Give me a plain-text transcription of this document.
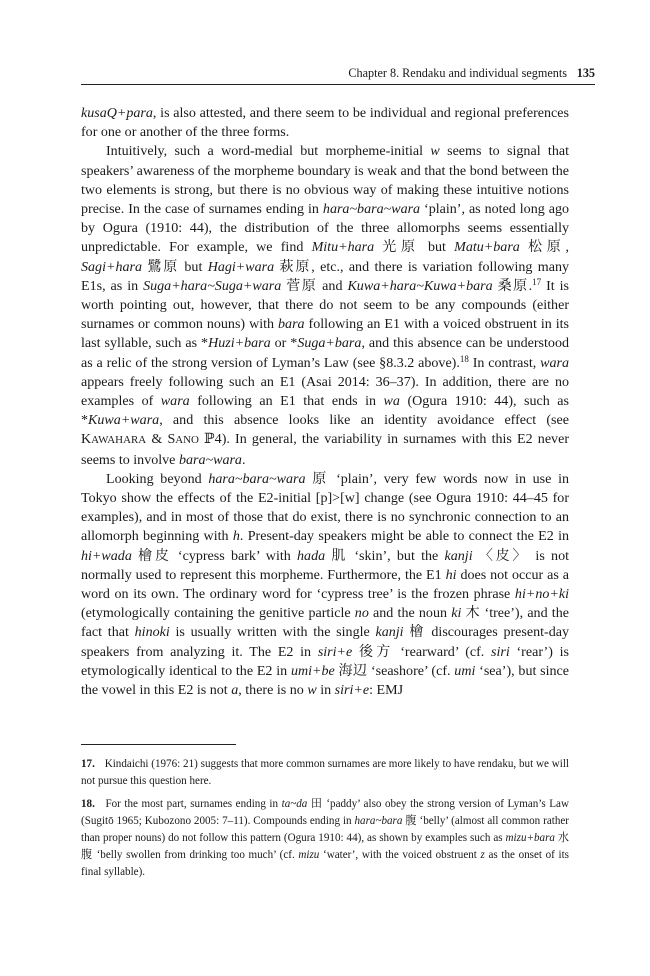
Chapter 8. Rendaku and individual segments 135

kusaQ+para, is also attested, and there seem to be individual and regional preferences for one or another of the three forms.

Intuitively, such a word-medial but morpheme-initial w seems to signal that speakers’ awareness of the morpheme boundary is weak and that the bond between the two elements is strong, but there is no obvious way of making these intuitive notions precise. In the case of surnames ending in hara~bara~wara ‘plain’, as noted long ago by Ogura (1910: 44), the distribution of the three allomorphs seems essentially unpredictable. For example, we find Mitu+hara 光原 but Matu+bara 松原, Sagi+hara 鷺原 but Hagi+wara 萩原, etc., and there is variation following many E1s, as in Suga+hara~Suga+wara 菅原 and Kuwa+hara~Kuwa+bara 桑原.$^{17}$ It is worth pointing out, however, that there do not seem to be any compounds (either surnames or common nouns) with bara following an E1 with a voiced obstruent in its last syllable, such as *Huzi+bara or *Suga+bara, and this absence can be understood as a relic of the strong version of Lyman’s Law (see §8.3.2 above).$^{18}$ In contrast, wara appears freely following such an E1 (Asai 2014: 36–37). In addition, there are no examples of wara following an E1 that ends in wa (Ogura 1910: 44), such as *Kuwa+wara, and this absence looks like an identity avoidance effect (see KAWAHARA & SANO ℙ4). In general, the variability in surnames with this E2 never seems to involve bara~wara.

Looking beyond hara~bara~wara 原 ‘plain’, very few words now in use in Tokyo show the effects of the E2-initial [p]>[w] change (see Ogura 1910: 44–45 for examples), and in most of those that do exist, there is no synchronic connection to an allomorph beginning with h. Present-day speakers might be able to connect the E2 in hi+wada 檜皮 ‘cypress bark’ with hada 肌 ‘skin’, but the kanji 〈皮〉 is not normally used to represent this morpheme. Furthermore, the E1 hi does not occur as a word on its own. The ordinary word for ‘cypress tree’ is the frozen phrase hi+no+ki (etymologically containing the genitive particle no and the noun ki 木 ‘tree’), and the fact that hinoki is usually written with the single kanji 檜 discourages present-day speakers from analyzing it. The E2 in siri+e 後方 ‘rearward’ (cf. siri ‘rear’) is etymologically identical to the E2 in umi+be 海辺 ‘seashore’ (cf. umi ‘sea’), but since the vowel in this E2 is not a, there is no w in siri+e: EMJ

17. Kindaichi (1976: 21) suggests that more common surnames are more likely to have rendaku, but we will not pursue this question here.

18. For the most part, surnames ending in ta~da 田 ‘paddy’ also obey the strong version of Lyman’s Law (Sugitō 1965; Kubozono 2005: 7–11). Compounds ending in hara~bara 腹 ‘belly’ (almost all common rather than proper nouns) do not follow this pattern (Ogura 1910: 44), as shown by examples such as mizu+bara 水腹 ‘belly swollen from drinking too much’ (cf. mizu ‘water’, with the voiced obstruent z as the onset of its final syllable).
